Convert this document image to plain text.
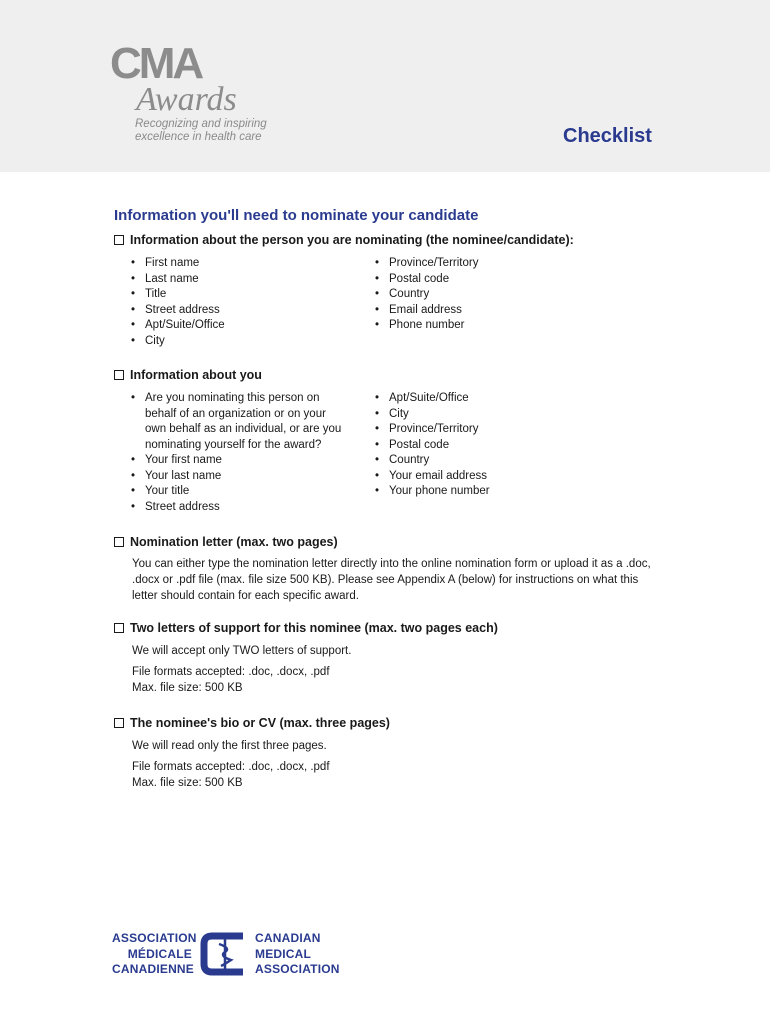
CMA
Awards
Recognizing and inspiring
excellence in health care	Checklist
Information you'll need to nominate your candidate
Information about the person you are nominating (the nominee/candidate):
• First name
• Last name
• Title
• Street address
• Apt/Suite/Office
• City
• Province/Territory
• Postal code
• Country
• Email address
• Phone number
Information about you
• Are you nominating this person on behalf of an organization or on your own behalf as an individual, or are you nominating yourself for the award?
• Your first name
• Your last name
• Your title
• Street address
• Apt/Suite/Office
• City
• Province/Territory
• Postal code
• Country
• Your email address
• Your phone number
Nomination letter (max. two pages)
You can either type the nomination letter directly into the online nomination form or upload it as a .doc, .docx or .pdf file (max. file size 500 KB). Please see Appendix A (below) for instructions on what this letter should contain for each specific award.
Two letters of support for this nominee (max. two pages each)
We will accept only TWO letters of support.
File formats accepted: .doc, .docx, .pdf
Max. file size: 500 KB
The nominee's bio or CV (max. three pages)
We will read only the first three pages.
File formats accepted: .doc, .docx, .pdf
Max. file size: 500 KB
ASSOCIATION
MÉDICALE
CANADIENNE
CANADIAN
MEDICAL
ASSOCIATION
